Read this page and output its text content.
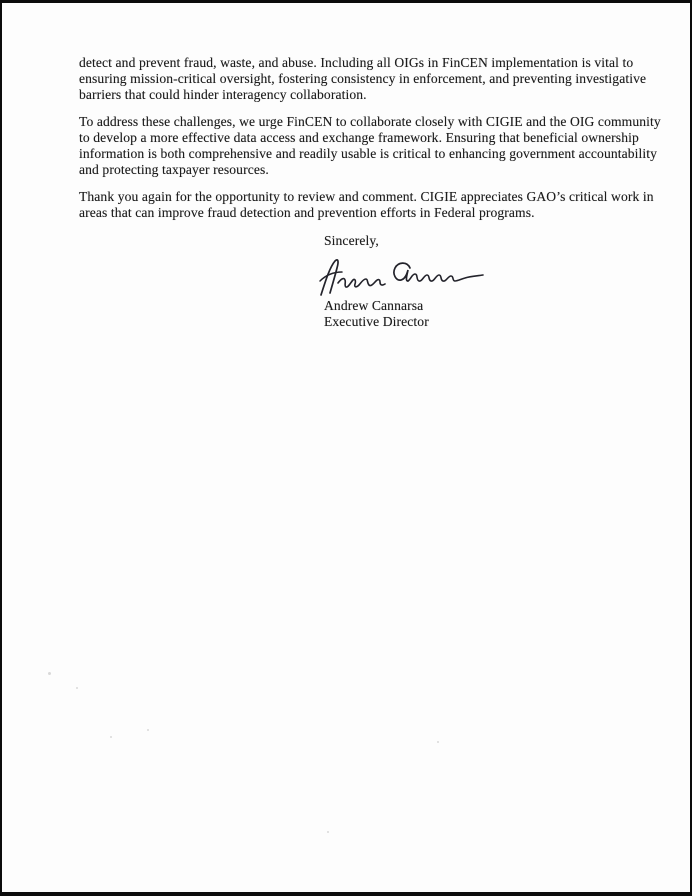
detect and prevent fraud, waste, and abuse. Including all OIGs in FinCEN implementation is vital to
ensuring mission-critical oversight, fostering consistency in enforcement, and preventing investigative
barriers that could hinder interagency collaboration.
To address these challenges, we urge FinCEN to collaborate closely with CIGIE and the OIG community
to develop a more effective data access and exchange framework. Ensuring that beneficial ownership
information is both comprehensive and readily usable is critical to enhancing government accountability
and protecting taxpayer resources.
Thank you again for the opportunity to review and comment. CIGIE appreciates GAO’s critical work in
areas that can improve fraud detection and prevention efforts in Federal programs.
Sincerely,
Andrew Cannarsa
Executive Director
